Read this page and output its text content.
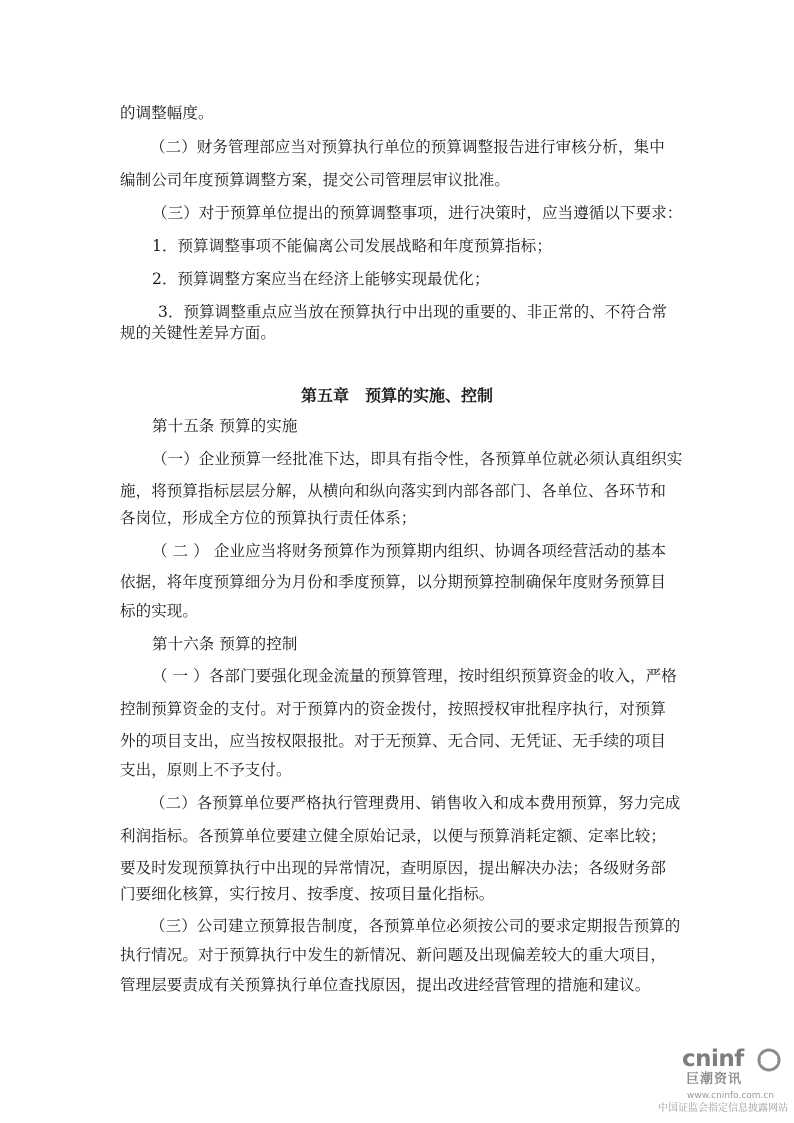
的调整幅度。
（二）财务管理部应当对预算执行单位的预算调整报告进行审核分析，集中
编制公司年度预算调整方案，提交公司管理层审议批准。
（三）对于预算单位提出的预算调整事项，进行决策时，应当遵循以下要求：
1．预算调整事项不能偏离公司发展战略和年度预算指标；
2．预算调整方案应当在经济上能够实现最优化；
3．预算调整重点应当放在预算执行中出现的重要的、非正常的、不符合常
规的关键性差异方面。
第五章　预算的实施、控制
第十五条 预算的实施
（一）企业预算一经批准下达，即具有指令性，各预算单位就必须认真组织实
施，将预算指标层层分解，从横向和纵向落实到内部各部门、各单位、各环节和
各岗位，形成全方位的预算执行责任体系；
（ 二 ） 企业应当将财务预算作为预算期内组织、协调各项经营活动的基本
依据，将年度预算细分为月份和季度预算，以分期预算控制确保年度财务预算目
标的实现。
第十六条 预算的控制
（ 一 ）各部门要强化现金流量的预算管理，按时组织预算资金的收入，严格
控制预算资金的支付。对于预算内的资金拨付，按照授权审批程序执行，对预算
外的项目支出，应当按权限报批。对于无预算、无合同、无凭证、无手续的项目
支出，原则上不予支付。
（二）各预算单位要严格执行管理费用、销售收入和成本费用预算，努力完成
利润指标。各预算单位要建立健全原始记录，以便与预算消耗定额、定率比较；
要及时发现预算执行中出现的异常情况，查明原因，提出解决办法；各级财务部
门要细化核算，实行按月、按季度、按项目量化指标。
（三）公司建立预算报告制度，各预算单位必须按公司的要求定期报告预算的
执行情况。对于预算执行中发生的新情况、新问题及出现偏差较大的重大项目，
管理层要责成有关预算执行单位查找原因，提出改进经营管理的措施和建议。
cninf
巨潮资讯
www.cninfo.com.cn
中国证监会指定信息披露网站
